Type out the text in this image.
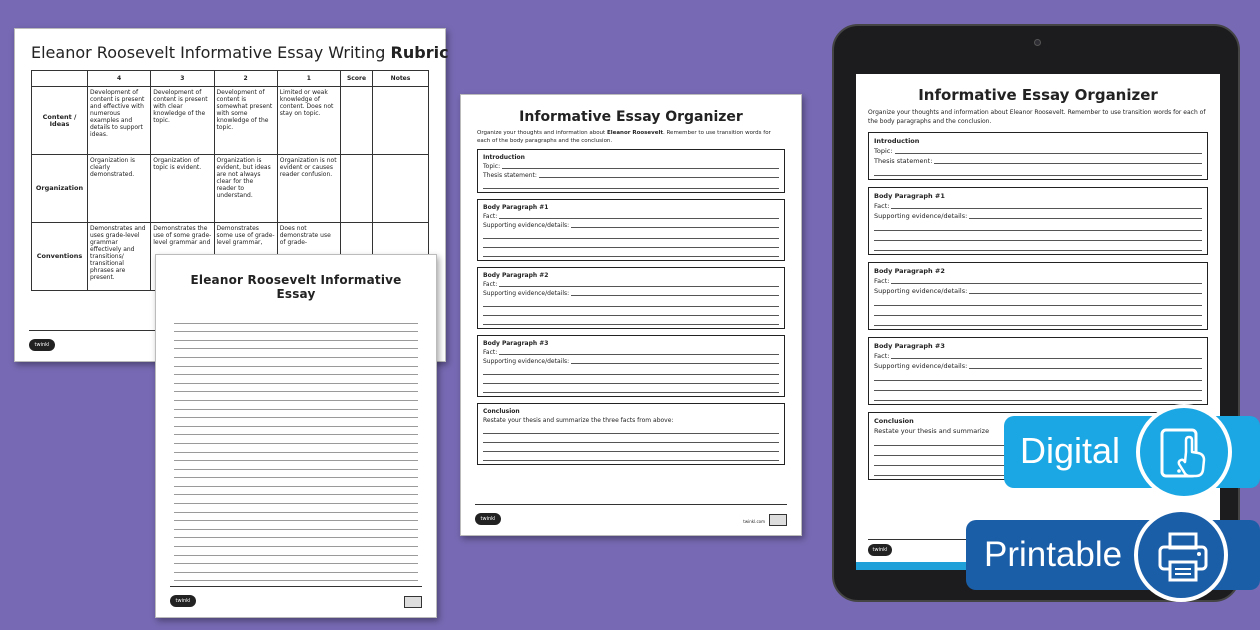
Eleanor Roosevelt Informative Essay Writing Rubric
	4	3	2	1	Score	Notes
Content / Ideas	Development of content is present and effective with numerous examples and details to support ideas.	Development of content is present with clear knowledge of the topic.	Development of content is somewhat present with some knowledge of the topic.	Limited or weak knowledge of content. Does not stay on topic.		
Organization	Organization is clearly demonstrated.	Organization of topic is evident.	Organization is evident, but ideas are not always clear for the reader to understand.	Organization is not evident or causes reader confusion.		
Conventions	Demonstrates and uses grade-level grammar effectively and transitions/ transitional phrases are present.	Demonstrates the use of some grade-level grammar and	Demonstrates some use of grade-level grammar,	Does not demonstrate use of grade-		
twinkl
Eleanor Roosevelt Informative Essay
twinkl
Informative Essay Organizer
Organize your thoughts and information about Eleanor Roosevelt. Remember to use transition words for each of the body paragraphs and the conclusion.
Introduction
Topic:
Thesis statement:
Body Paragraph #1
Fact:
Supporting evidence/details:
Body Paragraph #2
Fact:
Supporting evidence/details:
Body Paragraph #3
Fact:
Supporting evidence/details:
Conclusion
Restate your thesis and summarize the three facts from above:
twinkl	twinkl.com
Informative Essay Organizer
Organize your thoughts and information about Eleanor Roosevelt. Remember to use transition words for each of the body paragraphs and the conclusion.
Introduction
Topic:
Thesis statement:
Body Paragraph #1
Fact:
Supporting evidence/details:
Body Paragraph #2
Fact:
Supporting evidence/details:
Body Paragraph #3
Fact:
Supporting evidence/details:
Conclusion
Restate your thesis and summarize
twinkl
Digital
Printable
